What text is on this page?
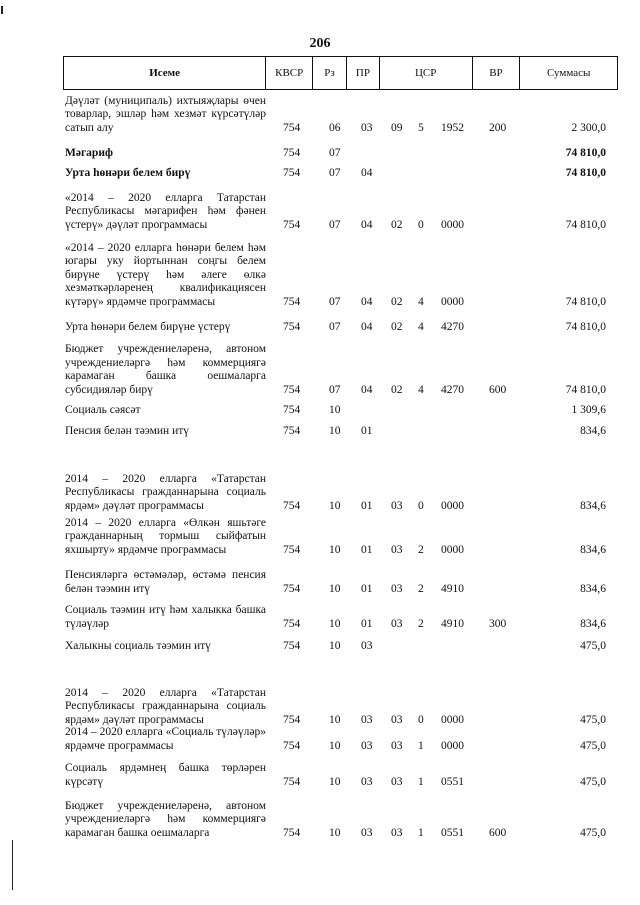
206
Исеме	КВСР	Рз	ПР	ЦСР	ВР	Суммасы
Дәүләт (муниципаль) ихтыяҗлары өчен товарлар, эшләр һәм хезмәт күрсәтүләр сатып алу	754	06 03 09 5 1952 200	2 300,0
Мәгариф	754	07	74 810,0
Урта һөнәри белем бирү	754	07 04	74 810,0
«2014 – 2020 елларга Татарстан Республикасы мәгарифен һәм фәнен үстерү» дәүләт программасы	754	07 04 02 0 0000	74 810,0
«2014 – 2020 елларга һөнәри белем һәм югары уку йортыннан соңгы белем бирүне үстерү һәм әлеге өлкә хезмәткәрләренең квалификациясен күтәрү» ярдәмче программасы	754	07 04 02 4 0000	74 810,0
Урта һөнәри белем бирүне үстерү	754	07 04 02 4 4270	74 810,0
Бюджет учреждениеләренә, автоном учреждениеләргә һәм коммерциягә карамаган башка оешмаларга субсидияләр бирү	754	07 04 02 4 4270 600	74 810,0
Социаль сәясәт	754	10	1 309,6
Пенсия белән тәэмин итү	754	10 01	834,6
2014 – 2020 елларга «Татарстан Республикасы гражданнарына социаль ярдәм» дәүләт программасы	754	10 01 03 0 0000	834,6
2014 – 2020 елларга «Өлкән яшьтәге гражданнарның тормыш сыйфатын яхшырту» ярдәмче программасы	754	10 01 03 2 0000	834,6
Пенсияләргә өстәмәләр, өстәмә пенсия белән тәэмин итү	754	10 01 03 2 4910	834,6
Социаль тәэмин итү һәм халыкка башка түләүләр	754	10 01 03 2 4910 300	834,6
Халыкны социаль тәэмин итү	754	10 03	475,0
2014 – 2020 елларга «Татарстан Республикасы гражданнарына социаль ярдәм» дәүләт программасы	754	10 03 03 0 0000	475,0
2014 – 2020 елларга «Социаль түләүләр» ярдәмче программасы	754	10 03 03 1 0000	475,0
Социаль ярдәмнең башка төрләрен күрсәтү	754	10 03 03 1 0551	475,0
Бюджет учреждениеләренә, автоном учреждениеләргә һәм коммерциягә карамаган башка оешмаларга	754	10 03 03 1 0551 600	475,0
